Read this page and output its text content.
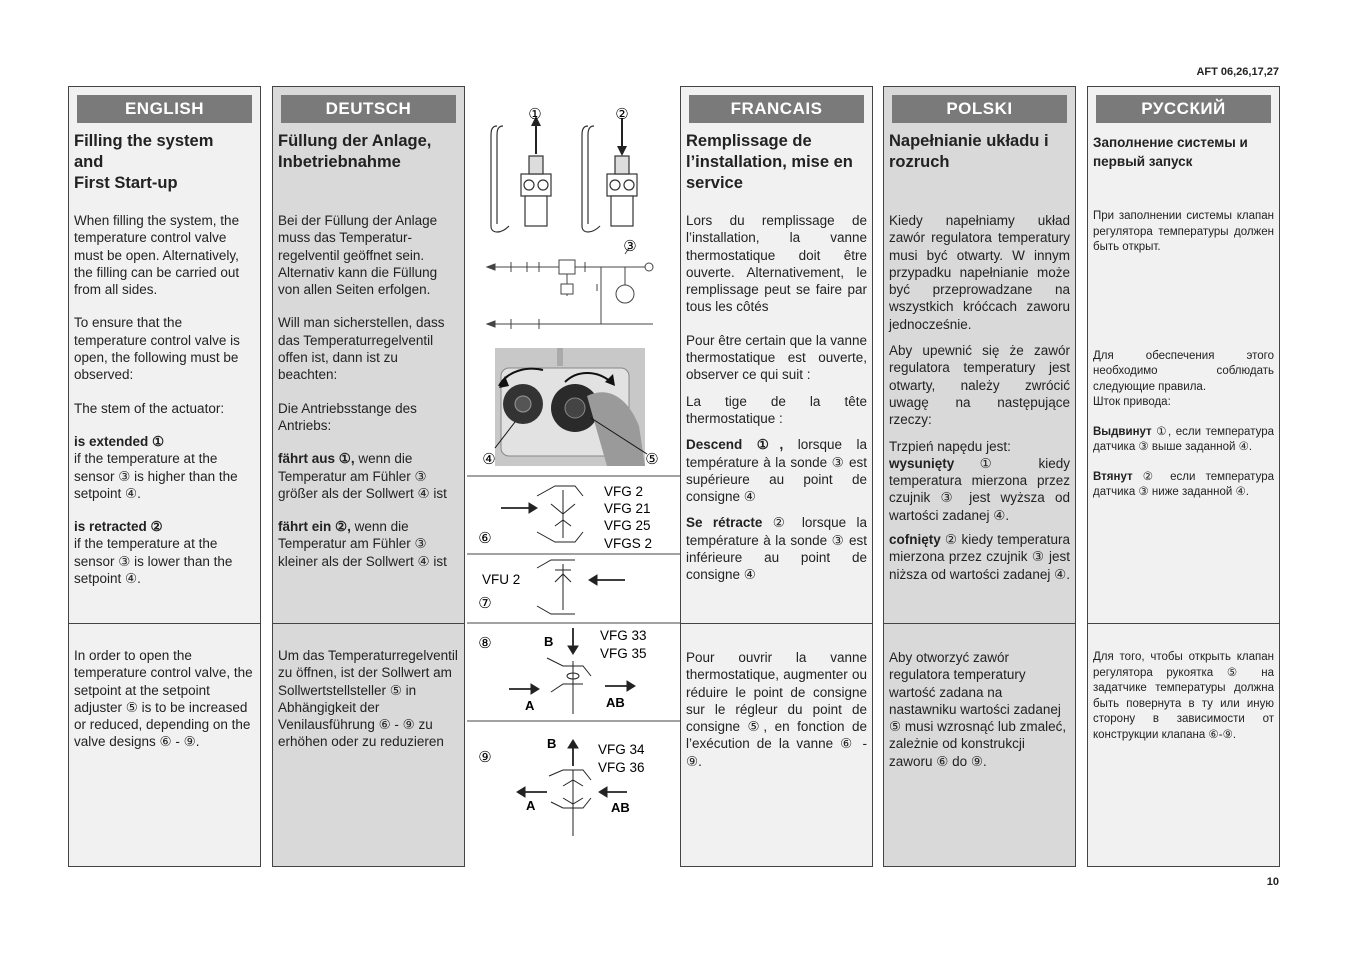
AFT 06,26,17,27
ENGLISH
Filling the system
and
First Start-up
When filling the system, the temperature control valve must be open. Alternatively, the filling can be carried out from all sides.
To ensure that the temperature control valve is open, the following must be observed:
The stem of the actuator:
is extended ①
if the temperature at the sensor ③ is higher than the setpoint ④.
is retracted ②
if the temperature at the sensor ③ is lower than the setpoint ④.
In order to open the temperature control valve, the setpoint at the setpoint adjuster ⑤ is to be increased or reduced, depending on the valve designs ⑥ - ⑨.
DEUTSCH
Füllung der Anlage,
Inbetriebnahme
Bei der Füllung der Anlage muss das Temperatur-regelventil geöffnet sein. Alternativ kann die Füllung von allen Seiten erfolgen.
Will man sicherstellen, dass das Temperaturregelventil offen ist, dann ist zu beachten:
Die Antriebsstange des Antriebs:
fährt aus ①, wenn die Temperatur am Fühler ③ größer als der Sollwert ④ ist
fährt ein ②, wenn die Temperatur am Fühler ③ kleiner als der Sollwert ④ ist
Um das Temperaturregelventil zu öffnen, ist der Sollwert am Sollwertstellsteller ⑤ in Abhängigkeit der Venilausführung ⑥ - ⑨ zu erhöhen oder zu reduzieren
①	②
③
④	⑤
⑥
⑦
⑧
⑨
VFG 2
VFG 21
VFG 25
VFGS 2
VFU 2
VFG 33
VFG 35
VFG 34
VFG 36
B
A	AB
B
A	AB
FRANCAIS
Remplissage de
l’installation, mise en
service
Lors du remplissage de l’installation, la vanne thermostatique doit être ouverte. Alternativement, le remplissage peut se faire par tous les côtés
Pour être certain que la vanne thermostatique est ouverte, observer ce qui suit :
La tige de la tête thermostatique :
Descend ①, lorsque la température à la sonde ③ est supérieure au point de consigne ④
Se rétracte ② lorsque la température à la sonde ③ est inférieure au point de consigne ④
Pour ouvrir la vanne thermostatique, augmenter ou réduire le point de consigne sur le régleur du point de consigne ⑤, en fonction de l’exécution de la vanne ⑥ - ⑨.
POLSKI
Napełnianie układu i
rozruch
Kiedy napełniamy układ zawór regulatora temperatury musi być otwarty. W innym przypadku napełnianie może być przeprowadzane na wszystkich króćcach zaworu jednocześnie.
Aby upewnić się że zawór regulatora temperatury jest otwarty, należy zwrócić uwagę na następujące rzeczy:
Trzpień napędu jest:
wysunięty ① kiedy temperatura mierzona przez czujnik ③ jest wyższa od wartości zadanej ④.
cofnięty ② kiedy temperatura mierzona przez czujnik ③ jest niższa od wartości zadanej ④.
Aby otworzyć zawór regulatora temperatury wartość zadana na nastawniku wartości zadanej ⑤ musi wzrosnąć lub zmaleć, zależnie od konstrukcji zaworu ⑥ do ⑨.
РУССКИЙ
Заполнение системы и
первый запуск
При заполнении системы клапан регулятора температуры должен быть открыт.
Для обеспечения этого необходимо соблюдать следующие правила.
Шток привода:
Выдвинут ①, если температура датчика ③ выше заданной ④.
Втянут ② если температура датчика ③ ниже заданной ④.
Для того, чтобы открыть клапан регулятора рукоятка ⑤ на задатчике температуры должна быть повернута в ту или иную сторону в зависимости от конструкции клапана ⑥-⑨.
10
